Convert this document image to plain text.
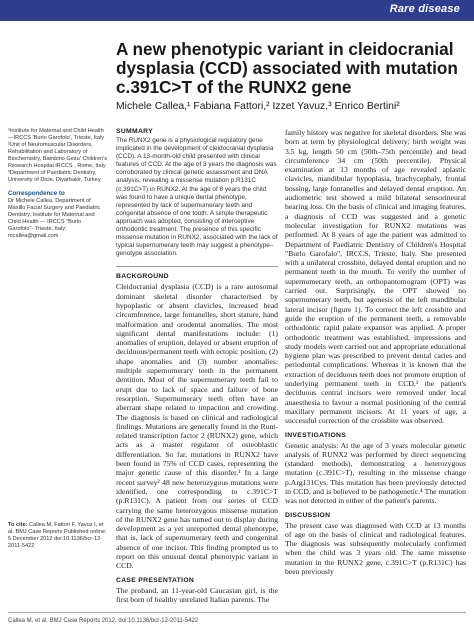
Rare disease
A new phenotypic variant in cleidocranial dysplasia (CCD) associated with mutation c.391C>T of the RUNX2 gene
Michele Callea,¹ Fabiana Fattori,² Izzet Yavuz,³ Enrico Bertini²
¹Institute for Maternal and Child Health—IRCCS 'Burlo Garofolo', Trieste, Italy
²Unit of Neuromuscular Disorders, Rehabilitation and Laboratory of Biochemistry, Bambino Gesu' Children's Research Hospital IRCCS , Rome, Italy
³Department of Paediatric Dentistry, University of Dicle, Diyarbakir, Turkey
Correspondence to
Dr Michele Callea, Department of Maxillo Facial Surgery and Paediatric Dentistry, Institute for Maternal and Child Health — IRCCS "Burlo Garofolo"- Trieste, Italy; mcallea@gmail.com
To cite: Callea M, Fattori F, Yavuz I, et al. BMJ Case Reports Published online: 5 December 2012 doi:10.1136/bcr-12-2011-5422
SUMMARY
The RUNX2 gene is a physiological regulatory gene implicated in the development of cleidocranial dysplasia (CCD). A 13-month-old child presented with clinical features of CCD. At the age of 3 years the diagnosis was corroborated by clinical genetic assessment and DNA analysis, revealing a missense mutation p.R131C (c.391C>T) in RUNX2. At the age of 8 years the child was found to have a unique dental phenotype, represented by lack of supernumerary teeth and congenital absence of one tooth. A simple therapeutic approach was adopted, consisting of interceptive orthodontic treatment. The presence of this specific missense mutation in RUNX2, associated with the lack of typical supernumerary teeth may suggest a phenotype–genotype association.
BACKGROUND
Cleidocranial dysplasia (CCD) is a rare autosomal dominant skeletal disorder characterised by hypoplastic or absent clavicles, increased head circumference, large fontanelles, short stature, hand malformation and orodental anomalies. The most significant dental manifestations include: (1) anomalies of eruption, delayed or absent eruption of deciduous/permanent teeth with ectopic position, (2) shape anomalies and (3) number anomalies: multiple supernumerary teeth in the permanent dentition. Most of the supernumerary teeth fail to erupt due to lack of space and failure of bone resorption. Supernumerary teeth often have an aberrant shape related to impaction and crowding. The diagnosis is based on clinical and radiological findings. Mutations are generally found in the Runt-related transcription factor 2 (RUNX2) gene, which acts as a master regulator of osteoblastic differentiation. So far, mutations in RUNX2 have been found in 75% of CCD cases, representing the major genetic cause of this disorder.¹ In a large recent survey² 48 new heterozygous mutations were identified, one corresponding to c.391C>T (p.R131C). A patient from our series of CCD carrying the same heterozygous missense mutation of the RUNX2 gene has turned out to display during development as a yet unreported dental phenotype, that is, lack of supernumerary teeth and congenital absence of one incisor. This finding prompted us to report on this unusual dental phenotypic variant in CCD.
CASE PRESENTATION
The proband, an 11-year-old Caucasian girl, is the first born of healthy unrelated Italian parents. The
family history was negative for skeletal disorders. She was born at term by physiological delivery; birth weight was 3.5 kg, length 50 cm (50th–75th percentile) and head circumference 34 cm (50th percentile). Physical examination at 13 months of age revealed aplastic clavicles, mandibular hypoplasia, brachycephaly, frontal bossing, large fontanelles and delayed dental eruption. An audiometric test showed a mild bilateral sensorineural hearing loss. On the basis of clinical and imaging features, a diagnosis of CCD was suggested and a genetic molecular investigation for RUNX2 mutations was performed. At 8 years of age the patient was admitted to Department of Paediatric Dentistry of Children's Hospital "Burlo Garofalo", IRCCS, Trieste, Italy. She presented with a unilateral crossbite, delayed dental eruption and no permanent teeth in the mouth. To verify the number of supernumerary teeth, an orthopantomogram (OPT) was carried out. Surprisingly, the OPT showed no supernumerary teeth, but agenesis of the left mandibular lateral incisor (figure 1). To correct the left crossbite and guide the eruption of the permanent teeth, a removable orthodontic rapid palate expansor was applied. A proper orthodontic treatment was established, impressions and study models were carried out and appropriate educational hygiene plan was prescribed to prevent dental caries and periodontal complications. Whereas it is known that the extraction of deciduous teeth does not promote eruption of underlying permanent teeth in CCD,³ the patient's deciduous central incisors were removed under local anaesthesia to favour a normal positioning of the central maxillary permanent incisors. At 11 years of age, a successful correction of the crossbite was observed.
INVESTIGATIONS
Genetic analysis: At the age of 3 years molecular genetic analysis of RUNX2 was performed by direct sequencing (standard methods), demonstrating a heterozygous mutation (c.391C>T), resulting in the missense change p.Arg131Cys. This mutation has been previously detected in CCD, and is believed to be pathogenetic.⁴ The mutation was not detected in either of the patient's parents.
DISCUSSION
The present case was diagnosed with CCD at 13 months of age on the basis of clinical and radiological features. The diagnosis was subsequently molecularly confirmed when the child was 3 years old. The same missense mutation in the RUNX2 gene, c.391C>T (p.R131C) has been previously
Callea M, et al. BMJ Case Reports 2012. doi:10.1136/bcr-12-2011-5422
